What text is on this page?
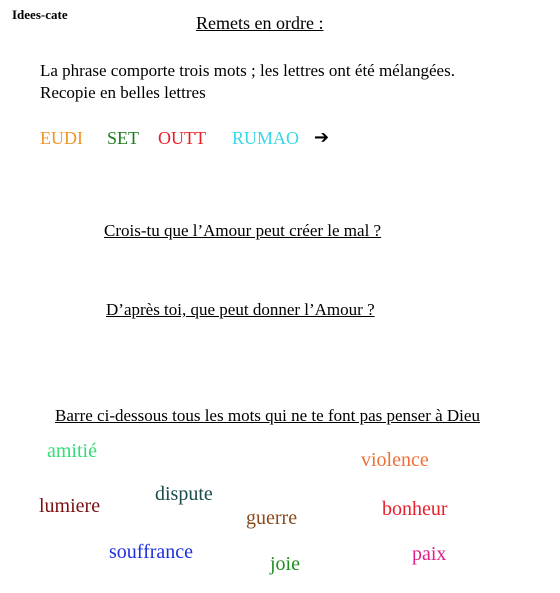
Idees-cate	Remets en ordre :
La phrase comporte trois mots ; les lettres ont été mélangées. Recopie en belles lettres
EUDI SET OUTT RUMAO ➔
Crois-tu que l’Amour peut créer le mal ?
D’après toi, que peut donner l’Amour ?
Barre ci-dessous tous les mots qui ne te font pas penser à Dieu
amitié	violence
lumiere
dispute
guerre	bonheur
souffrance
joie	paix
